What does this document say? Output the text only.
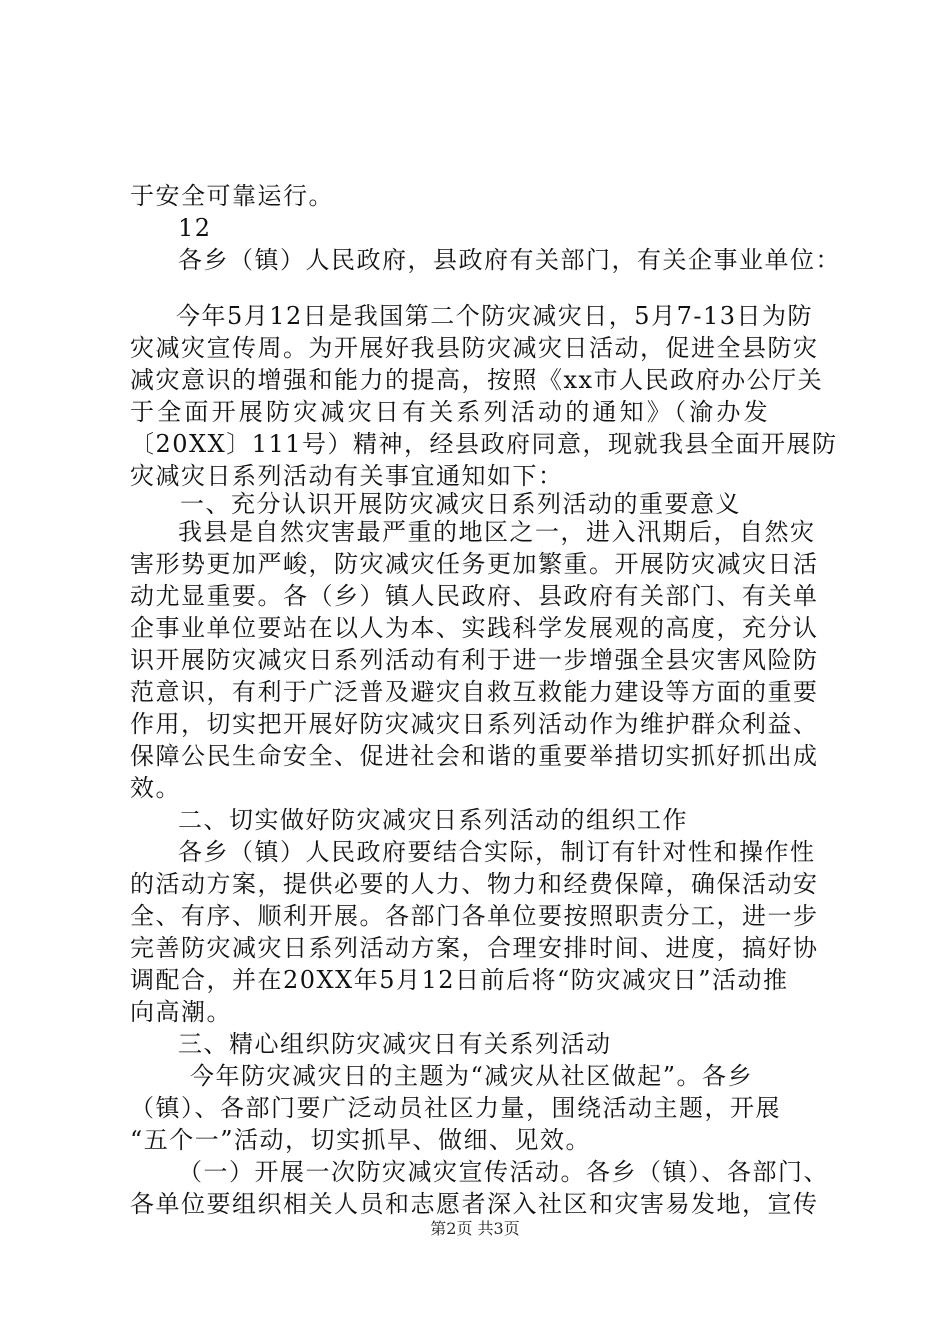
于安全可靠运行。
12
各乡（镇）人民政府，县政府有关部门，有关企事业单位：
今年5月12日是我国第二个防灾减灾日，5月7-13日为防
灾减灾宣传周。为开展好我县防灾减灾日活动，促进全县防灾
减灾意识的增强和能力的提高，按照《xx市人民政府办公厅关
于全面开展防灾减灾日有关系列活动的通知》（渝办发
〔20XX〕111号）精神，经县政府同意，现就我县全面开展防
灾减灾日系列活动有关事宜通知如下：
一、充分认识开展防灾减灾日系列活动的重要意义
我县是自然灾害最严重的地区之一，进入汛期后，自然灾
害形势更加严峻，防灾减灾任务更加繁重。开展防灾减灾日活
动尤显重要。各（乡）镇人民政府、县政府有关部门、有关单
企事业单位要站在以人为本、实践科学发展观的高度，充分认
识开展防灾减灾日系列活动有利于进一步增强全县灾害风险防
范意识，有利于广泛普及避灾自救互救能力建设等方面的重要
作用，切实把开展好防灾减灾日系列活动作为维护群众利益、
保障公民生命安全、促进社会和谐的重要举措切实抓好抓出成
效。
二、切实做好防灾减灾日系列活动的组织工作
各乡（镇）人民政府要结合实际，制订有针对性和操作性
的活动方案，提供必要的人力、物力和经费保障，确保活动安
全、有序、顺利开展。各部门各单位要按照职责分工，进一步
完善防灾减灾日系列活动方案，合理安排时间、进度，搞好协
调配合，并在20XX年5月12日前后将“防灾减灾日”活动推
向高潮。
三、精心组织防灾减灾日有关系列活动
今年防灾减灾日的主题为“减灾从社区做起”。各乡
（镇）、各部门要广泛动员社区力量，围绕活动主题，开展
“五个一”活动，切实抓早、做细、见效。
（一）开展一次防灾减灾宣传活动。各乡（镇）、各部门、
各单位要组织相关人员和志愿者深入社区和灾害易发地，宣传
第2页 共3页
